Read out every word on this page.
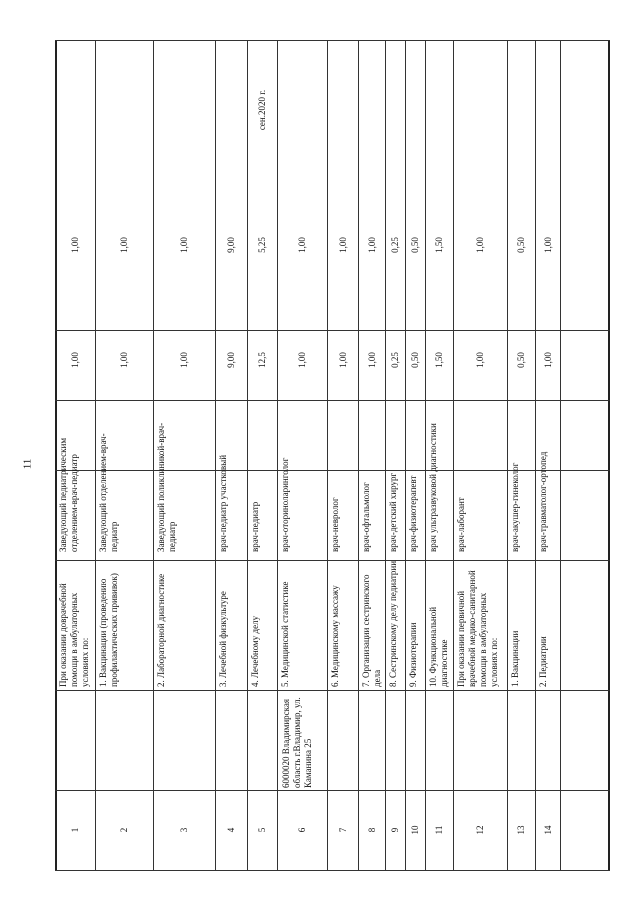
11
1
При оказании доврачебной помощи в амбулаторных условиях по:
Заведующий педиатрическим отделением-врач-педиатр
1,00
1,00
2
1. Вакцинации (проведению профилактических прививок)
Заведующий отделением-врач-педиатр
1,00
1,00
3
2. Лабораторной диагностике
Заведующий поликлиникой-врач-педиатр
1,00
1,00
4
3. Лечебной физкультуре
врач-педиатр участковый
9,00
9,00
5
4. Лечебному делу
врач-педиатр
12,5
5,25
сен.2020 г.
6
5. Медицинской статистике
врач-оториноларинголог
1,00
1,00
7
6. Медицинскому массажу
врач-невролог
1,00
1,00
8
7. Организации сестринского дела
врач-офтальмолог
1,00
1,00
9
8. Сестринскому делу педиатрии
врач-детский хирург
0,25
0,25
10
9. Физиотерапии
врач-физиотерапевт
0,50
0,50
11
10. Функциональной диагностике
врач ультразвуковой диагностики
1,50
1,50
12
При оказании первичной врачебной медико-санитарной помощи в амбулаторных условиях по:
врач-лаборант
1,00
1,00
13
1. Вакцинации
врач-акушер-гинеколог
0,50
0,50
14
2. Педиатрии
врач-травматолог-ортопед
1,00
1,00
6000020 Владимирская область г.Владимир, ул. Каманина 25
